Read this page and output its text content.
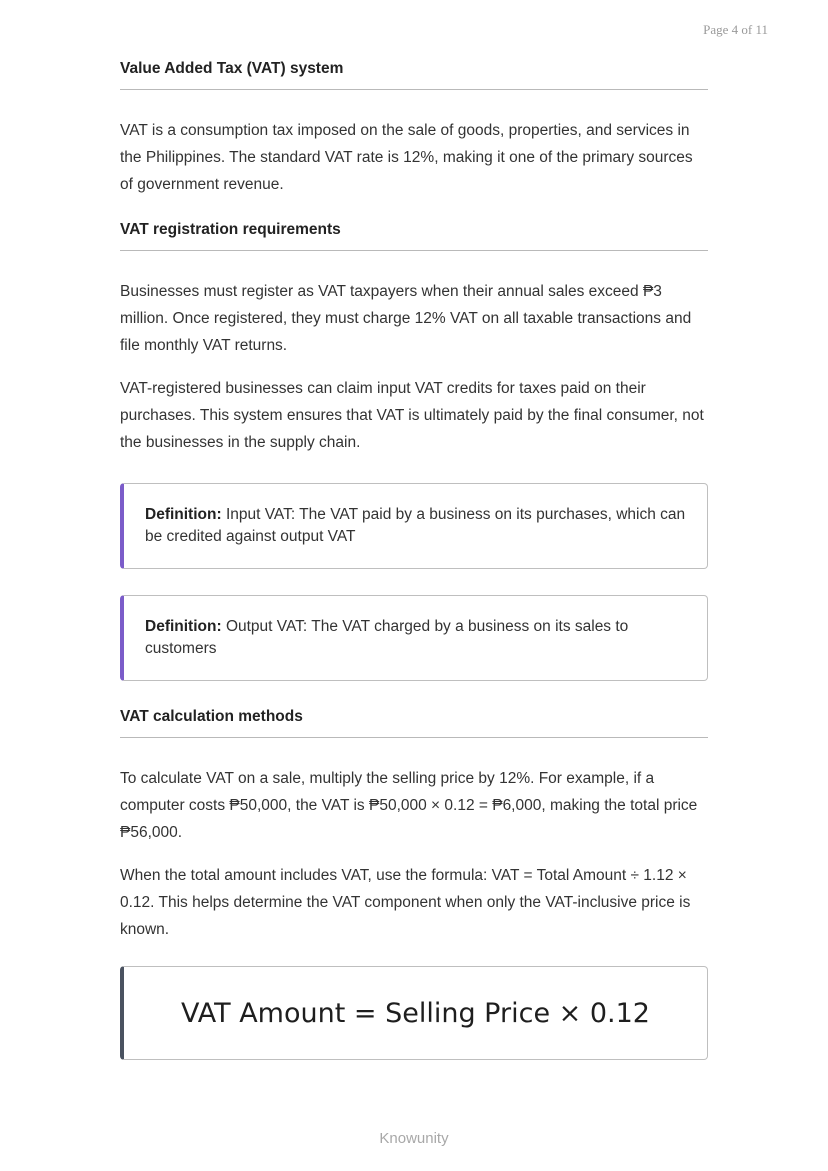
Page 4 of 11
Value Added Tax (VAT) system

VAT is a consumption tax imposed on the sale of goods, properties, and services in the Philippines. The standard VAT rate is 12%, making it one of the primary sources of government revenue.

VAT registration requirements

Businesses must register as VAT taxpayers when their annual sales exceed ₱3 million. Once registered, they must charge 12% VAT on all taxable transactions and file monthly VAT returns.

VAT-registered businesses can claim input VAT credits for taxes paid on their purchases. This system ensures that VAT is ultimately paid by the final consumer, not the businesses in the supply chain.

Definition: Input VAT: The VAT paid by a business on its purchases, which can be credited against output VAT
Definition: Output VAT: The VAT charged by a business on its sales to customers
VAT calculation methods

To calculate VAT on a sale, multiply the selling price by 12%. For example, if a computer costs ₱50,000, the VAT is ₱50,000 × 0.12 = ₱6,000, making the total price ₱56,000.

When the total amount includes VAT, use the formula: VAT = Total Amount ÷ 1.12 × 0.12. This helps determine the VAT component when only the VAT-inclusive price is known.

VAT Amount = Selling Price × 0.12
Knowunity
